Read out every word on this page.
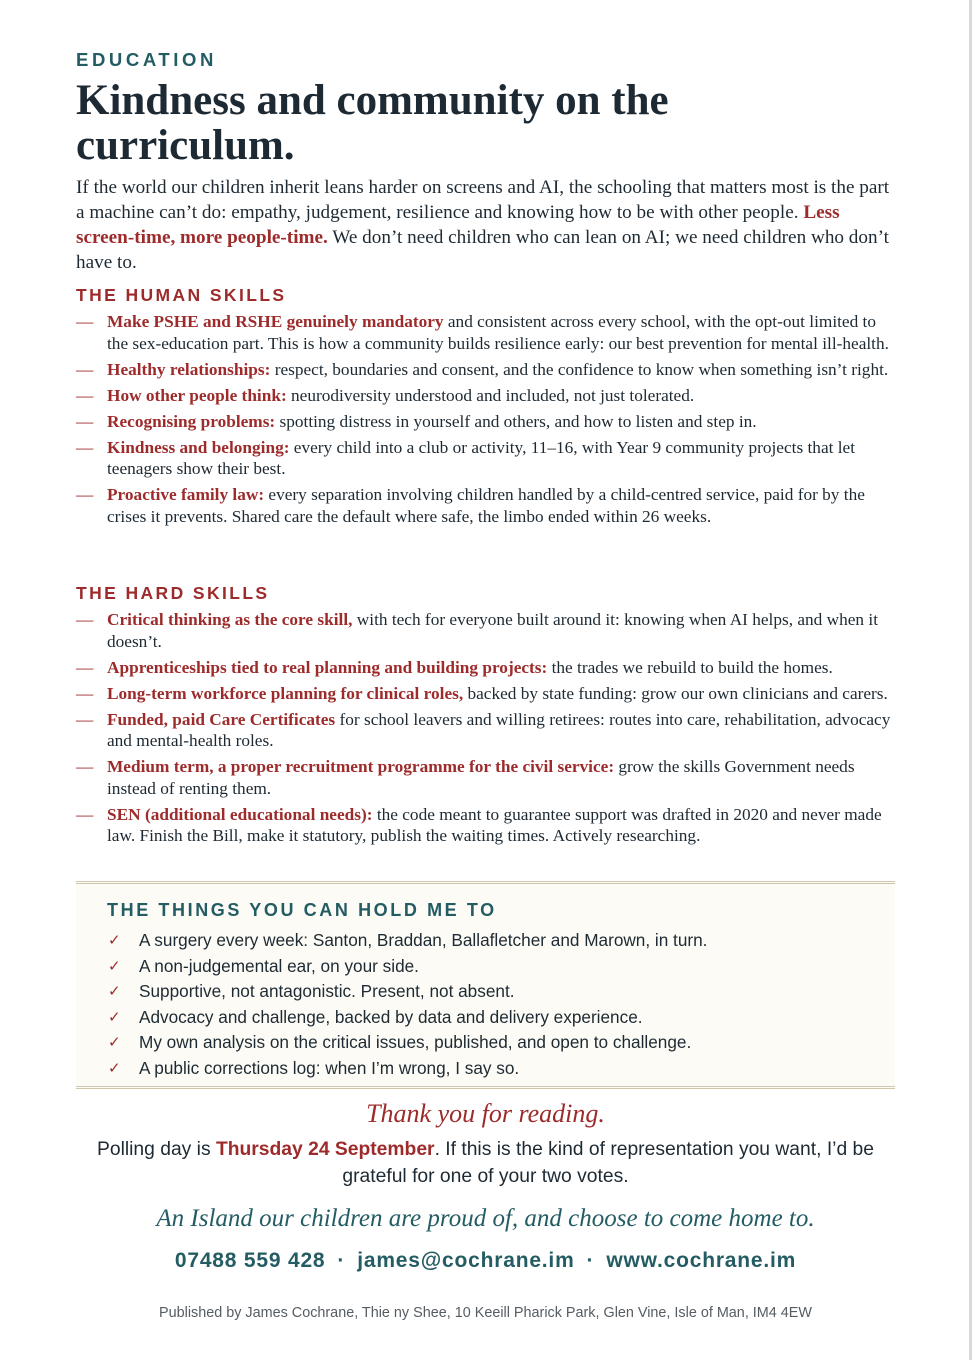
EDUCATION
Kindness and community on the curriculum.
If the world our children inherit leans harder on screens and AI, the schooling that matters most is the part a machine can’t do: empathy, judgement, resilience and knowing how to be with other people. Less screen-time, more people-time. We don’t need children who can lean on AI; we need children who don’t have to.
THE HUMAN SKILLS
— Make PSHE and RSHE genuinely mandatory and consistent across every school, with the opt-out limited to the sex-education part. This is how a community builds resilience early: our best prevention for mental ill-health.
— Healthy relationships: respect, boundaries and consent, and the confidence to know when something isn’t right.
— How other people think: neurodiversity understood and included, not just tolerated.
— Recognising problems: spotting distress in yourself and others, and how to listen and step in.
— Kindness and belonging: every child into a club or activity, 11–16, with Year 9 community projects that let teenagers show their best.
— Proactive family law: every separation involving children handled by a child-centred service, paid for by the crises it prevents. Shared care the default where safe, the limbo ended within 26 weeks.
THE HARD SKILLS
— Critical thinking as the core skill, with tech for everyone built around it: knowing when AI helps, and when it doesn’t.
— Apprenticeships tied to real planning and building projects: the trades we rebuild to build the homes.
— Long-term workforce planning for clinical roles, backed by state funding: grow our own clinicians and carers.
— Funded, paid Care Certificates for school leavers and willing retirees: routes into care, rehabilitation, advocacy and mental-health roles.
— Medium term, a proper recruitment programme for the civil service: grow the skills Government needs instead of renting them.
— SEN (additional educational needs): the code meant to guarantee support was drafted in 2020 and never made law. Finish the Bill, make it statutory, publish the waiting times. Actively researching.
THE THINGS YOU CAN HOLD ME TO
✓ A surgery every week: Santon, Braddan, Ballafletcher and Marown, in turn.
✓ A non-judgemental ear, on your side.
✓ Supportive, not antagonistic. Present, not absent.
✓ Advocacy and challenge, backed by data and delivery experience.
✓ My own analysis on the critical issues, published, and open to challenge.
✓ A public corrections log: when I’m wrong, I say so.
Thank you for reading.
Polling day is Thursday 24 September. If this is the kind of representation you want, I’d be grateful for one of your two votes.
An Island our children are proud of, and choose to come home to.
07488 559 428 · james@cochrane.im · www.cochrane.im
Published by James Cochrane, Thie ny Shee, 10 Keeill Pharick Park, Glen Vine, Isle of Man, IM4 4EW
